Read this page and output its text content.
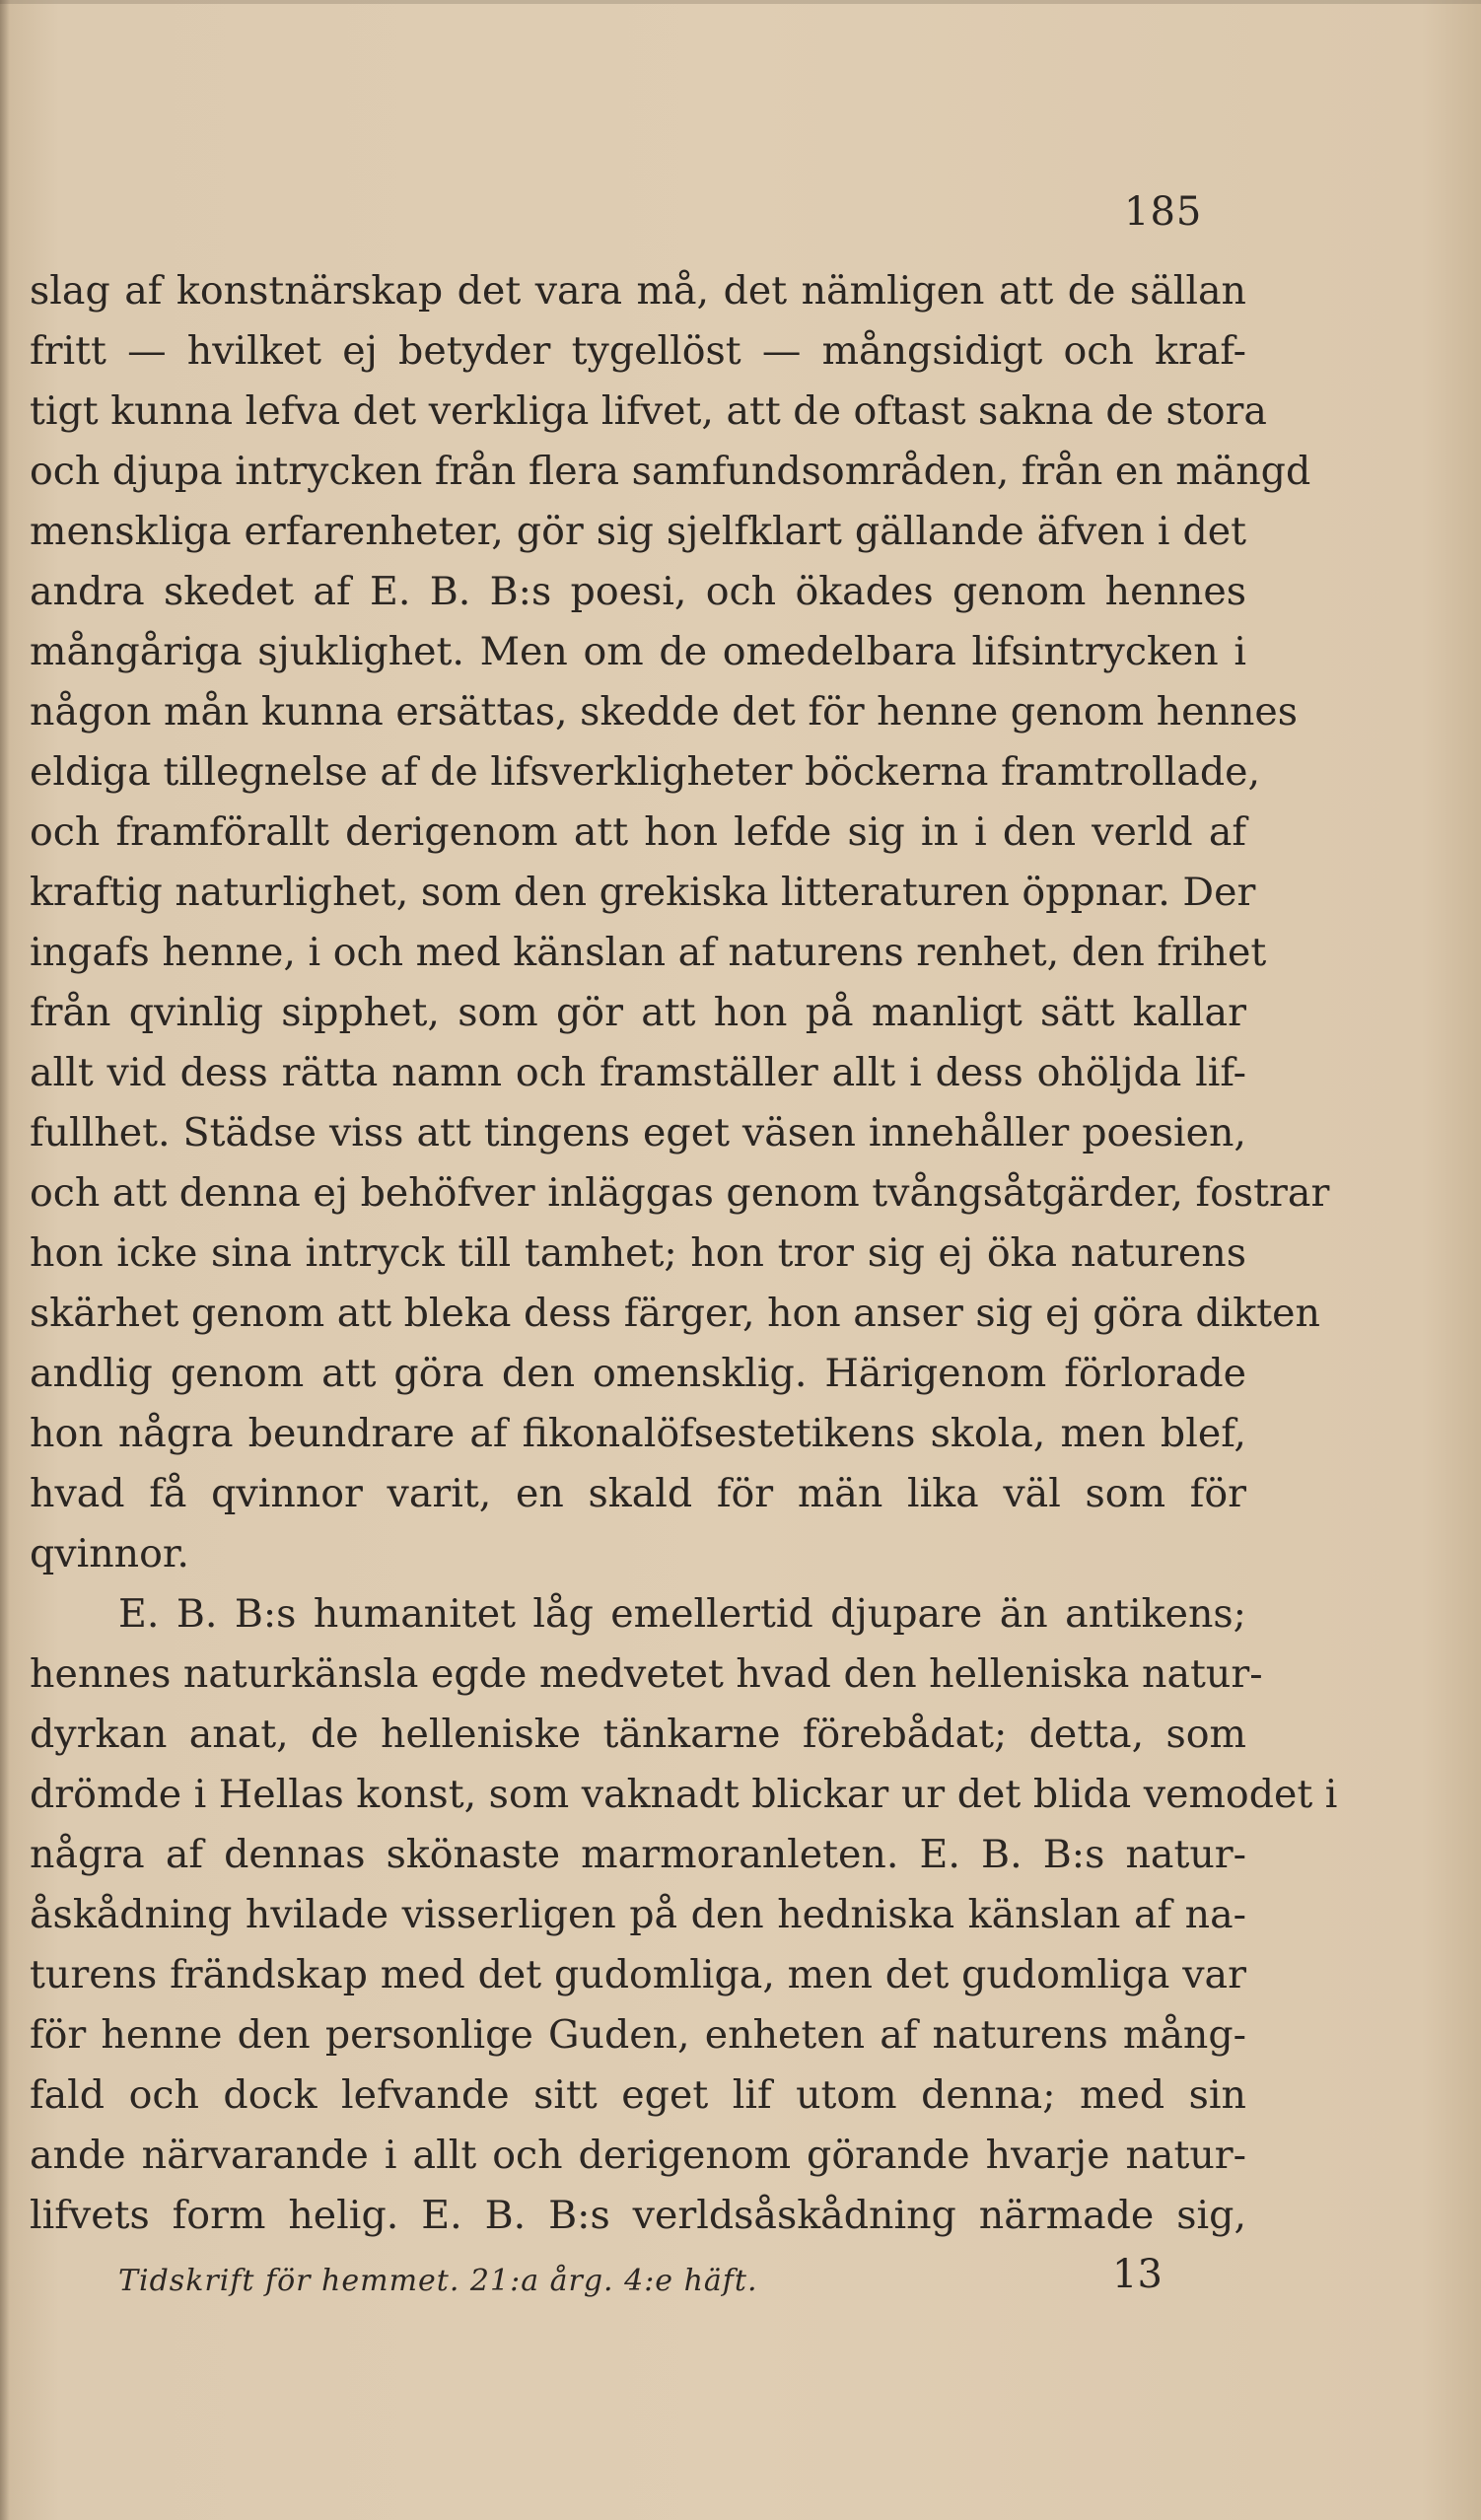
185
slag af konstnärskap det vara må, det nämligen att de sällan
fritt — hvilket ej betyder tygellöst — mångsidigt och kraf-
tigt kunna lefva det verkliga lifvet, att de oftast sakna de stora
och djupa intrycken från flera samfundsområden, från en mängd
menskliga erfarenheter, gör sig sjelfklart gällande äfven i det
andra skedet af E. B. B:s poesi, och ökades genom hennes
mångåriga sjuklighet. Men om de omedelbara lifsintrycken i
någon mån kunna ersättas, skedde det för henne genom hennes
eldiga tillegnelse af de lifsverkligheter böckerna framtrollade,
och framförallt derigenom att hon lefde sig in i den verld af
kraftig naturlighet, som den grekiska litteraturen öppnar. Der
ingafs henne, i och med känslan af naturens renhet, den frihet
från qvinlig sipphet, som gör att hon på manligt sätt kallar
allt vid dess rätta namn och framställer allt i dess ohöljda lif-
fullhet. Städse viss att tingens eget väsen innehåller poesien,
och att denna ej behöfver inläggas genom tvångsåtgärder, fostrar
hon icke sina intryck till tamhet; hon tror sig ej öka naturens
skärhet genom att bleka dess färger, hon anser sig ej göra dikten
andlig genom att göra den omensklig. Härigenom förlorade
hon några beundrare af fikonalöfsestetikens skola, men blef,
hvad få qvinnor varit, en skald för män lika väl som för
qvinnor.
E. B. B:s humanitet låg emellertid djupare än antikens;
hennes naturkänsla egde medvetet hvad den helleniska natur-
dyrkan anat, de helleniske tänkarne förebådat; detta, som
drömde i Hellas konst, som vaknadt blickar ur det blida vemodet i
några af dennas skönaste marmoranleten. E. B. B:s natur-
åskådning hvilade visserligen på den hedniska känslan af na-
turens frändskap med det gudomliga, men det gudomliga var
för henne den personlige Guden, enheten af naturens mång-
fald och dock lefvande sitt eget lif utom denna; med sin
ande närvarande i allt och derigenom görande hvarje natur-
lifvets form helig. E. B. B:s verldsåskådning närmade sig,
Tidskrift för hemmet. 21:a årg. 4:e häft.	13
